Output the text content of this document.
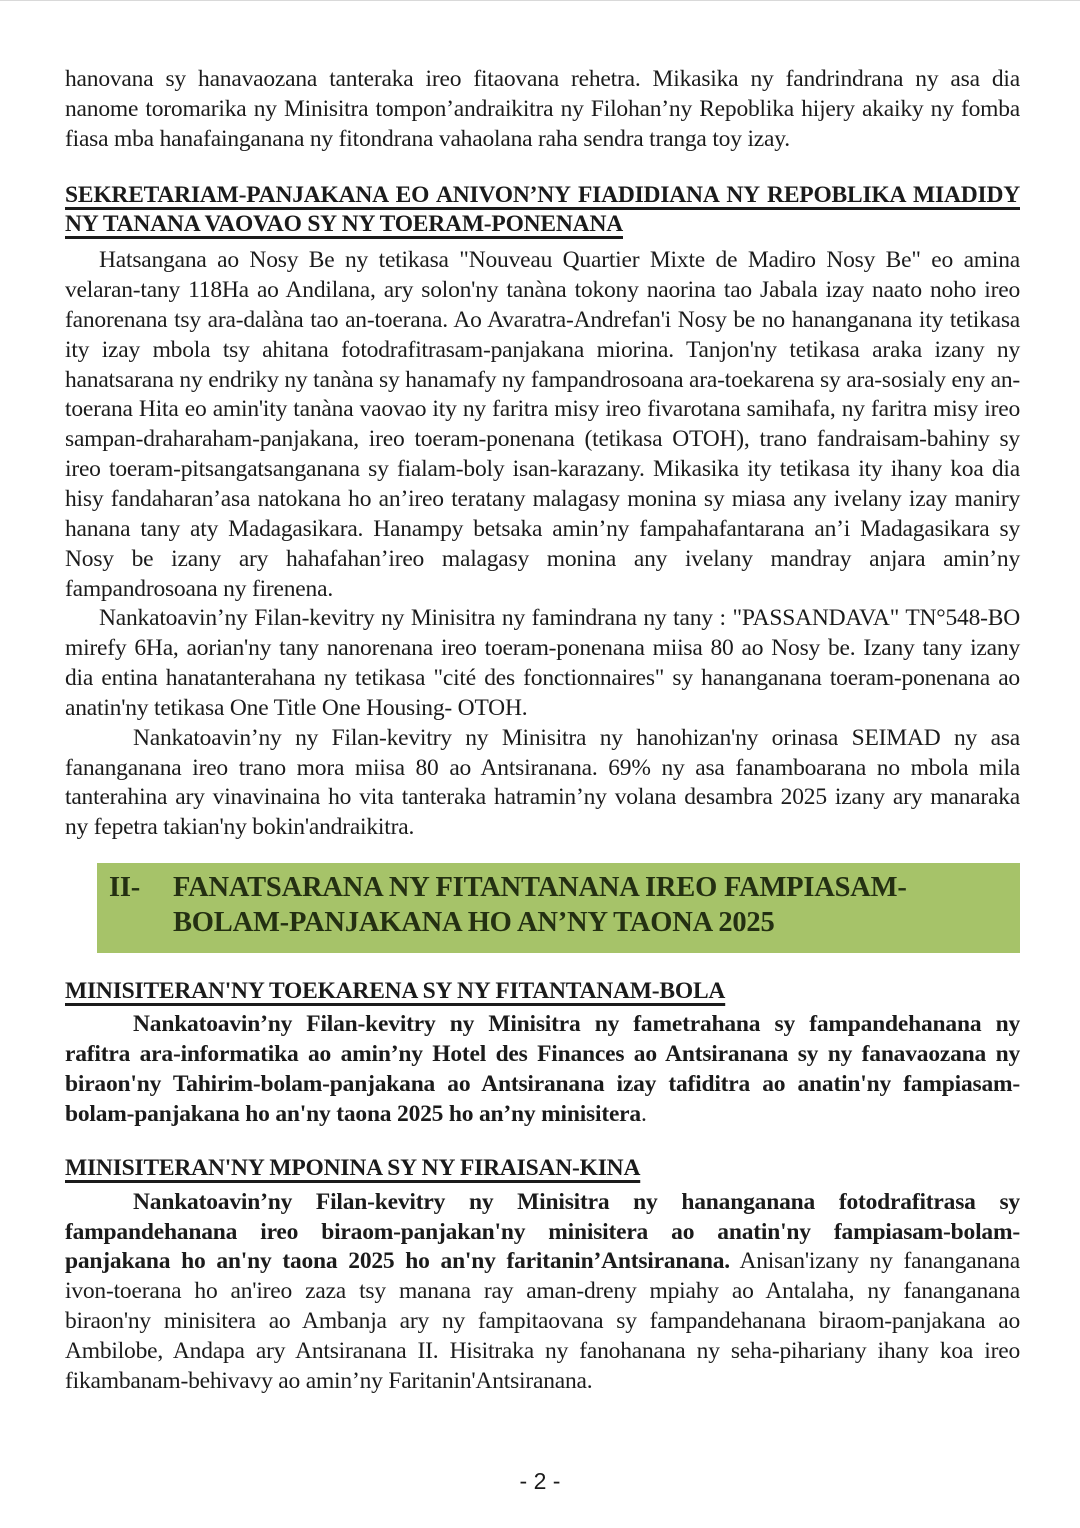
hanovana sy hanavaozana tanteraka ireo fitaovana rehetra. Mikasika ny fandrindrana ny asa dia nanome toromarika ny Minisitra tompon’andraikitra ny Filohan’ny Repoblika hijery akaiky ny fomba fiasa mba hanafainganana ny fitondrana vahaolana raha sendra tranga toy izay.

SEKRETARIAM-PANJAKANA EO ANIVON’NY FIADIDIANA NY REPOBLIKA MIADIDY NY TANANA VAOVAO SY NY TOERAM-PONENANA

Hatsangana ao Nosy Be ny tetikasa "Nouveau Quartier Mixte de Madiro Nosy Be" eo amina velaran-tany 118Ha ao Andilana, ary solon'ny tanàna tokony naorina tao Jabala izay naato noho ireo fanorenana tsy ara-dalàna tao an-toerana. Ao Avaratra-Andrefan'i Nosy be no hananganana ity tetikasa ity izay mbola tsy ahitana fotodrafitrasam-panjakana miorina. Tanjon'ny tetikasa araka izany ny hanatsarana ny endriky ny tanàna sy hanamafy ny fampandrosoana ara-toekarena sy ara-sosialy eny an-toerana Hita eo amin'ity tanàna vaovao ity ny faritra misy ireo fivarotana samihafa, ny faritra misy ireo sampan-draharaham-panjakana, ireo toeram-ponenana (tetikasa OTOH), trano fandraisam-bahiny sy ireo toeram-pitsangatsanganana sy fialam-boly isan-karazany. Mikasika ity tetikasa ity ihany koa dia hisy fandaharan’asa natokana ho an’ireo teratany malagasy monina sy miasa any ivelany izay maniry hanana tany aty Madagasikara. Hanampy betsaka amin’ny fampahafantarana an’i Madagasikara sy Nosy be izany ary hahafahan’ireo malagasy monina any ivelany mandray anjara amin’ny fampandrosoana ny firenena.

Nankatoavin’ny Filan-kevitry ny Minisitra ny famindrana ny tany : "PASSANDAVA" TN°548-BO mirefy 6Ha, aorian'ny tany nanorenana ireo toeram-ponenana miisa 80 ao Nosy be. Izany tany izany dia entina hanatanterahana ny tetikasa "cité des fonctionnaires" sy hananganana toeram-ponenana ao anatin'ny tetikasa One Title One Housing- OTOH.

Nankatoavin’ny ny Filan-kevitry ny Minisitra ny hanohizan'ny orinasa SEIMAD ny asa fananganana ireo trano mora miisa 80 ao Antsiranana. 69% ny asa fanamboarana no mbola mila tanterahina ary vinavinaina ho vita tanteraka hatramin’ny volana desambra 2025 izany ary manaraka ny fepetra takian'ny bokin'andraikitra.

II-	FANATSARANA NY FITANTANANA IREO FAMPIASAM-BOLAM-PANJAKANA HO AN’NY TAONA 2025
MINISITERAN'NY TOEKARENA SY NY FITANTANAM-BOLA

Nankatoavin’ny Filan-kevitry ny Minisitra ny fametrahana sy fampandehanana ny rafitra ara-informatika ao amin’ny Hotel des Finances ao Antsiranana sy ny fanavaozana ny biraon'ny Tahirim-bolam-panjakana ao Antsiranana izay tafiditra ao anatin'ny fampiasam-bolam-panjakana ho an'ny taona 2025 ho an’ny minisitera.

MINISITERAN'NY MPONINA SY NY FIRAISAN-KINA

Nankatoavin’ny Filan-kevitry ny Minisitra ny hananganana fotodrafitrasa sy fampandehanana ireo biraom-panjakan'ny minisitera ao anatin'ny fampiasam-bolam-panjakana ho an'ny taona 2025 ho an'ny faritanin’Antsiranana. Anisan'izany ny fananganana ivon-toerana ho an'ireo zaza tsy manana ray aman-dreny mpiahy ao Antalaha, ny fananganana biraon'ny minisitera ao Ambanja ary ny fampitaovana sy fampandehanana biraom-panjakana ao Ambilobe, Andapa ary Antsiranana II. Hisitraka ny fanohanana ny seha-pihariany ihany koa ireo fikambanam-behivavy ao amin’ny Faritanin'Antsiranana.

- 2 -
